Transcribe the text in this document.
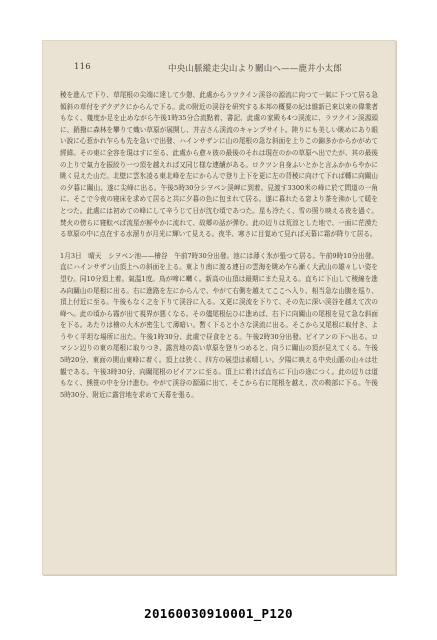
116	中央山脈縱走尖山より關山へ——鹿井小太郎

稜を進んで下り、草尾根の尖端に達して少憩、此處からラツクイン渓谷の源流に向つて一氣に下つて居る急傾斜の草付をデクデクにからんで下る。此の附近の渓谷を研究する本邦の概要の紀は維新已來以來の偉業者もなく、幾度か足を止めながら午後1時35分合流點着、書記、此處の家殿も4つ渓流に、ラツクイン渓源頭に、銷撥に森林を攀りて熾い草原が展開し、并吉さん渓流のキャンプサイト。陸りにも美しい眺めにあり眼い說に心惹かれ乍らも先を急いで出發、ハインサザンに山の尾根の急な斜面を上りこの錦多かからかがめて經緯。その東に全容を現はすに至る、此處から愈々彼の最後のそれは現在のかの草原へ出でたが、其の最後の上りで氣力を振絞り一つ頂を越えれば又同じ様な連續がある。ロクツン自身ふいとかと言ふかからやかに眺く見えた山だ。北壁に雲氷凌る東北峰を左にからんで登り上下を更に左の背稜に向けて下れば轉に向關山の夕暮に關山、遂に尖峰に出る。午後5時30分シヲベン渓岬に到着。見渡す3300米の峰に於て問道の一角に、そこで今夜の寝床を求めて居ると共に夕暮の色に包まれて居る。遂に暮れたる窓より茶を沸かして暖をとつた。此處には初めての峰にして辛うじて日が沈む頃であつた。星も冷たく、雪の照り映える夜を過ぐ。焚火の傍らに寝転べば流星が鮮やかに流れて、故郷の話が弾む。此の辺りは荒涼とした地で、一面に茫漠たる草原の中に点在する水溜りが月光に輝いて見える。夜半、寒さに目覚めて見れば天幕に霜が降りて居る。

1月3日　晴天　シヲベン池——檜谷　午前7時30分出發。池には薄く氷が張つて居る。午前9時10分出發。直にハインサザン山頂上への斜面を上る。東より南に渡る連日の雲海を眺め乍ら漸く大武山の雄々しい姿を望む。同10分頂上着。氣温1度。鳥が啼に囀く。新高の山頂は最期にまた見える。直ちに下山して稜線を進み向關山の尾根に出る。右に進路を左にからんで、やがて右側を越えてここへ入り、相当急な山腹を巡り、頂上付近に至る。午後もなく之を下りて渓谷に入る。又更に渓流を下りて、その先に深い渓谷を越えて次の峰へ。此の頃から霧が出て視界が悪くなる。その儘尾根伝ひに進めば、右下に向關山の尾根を見て急な斜面を下る。あたりは檜の大木が密生して薄暗い。暫く下ると小さな渓流に出る。そこから又尾根に取付き、ようやく平坦な場所に出た。午後1時30分、此處で昼食をとる。午後2時30分出發。ピイアンの下へ出る。ロマシン辺りの東の尾根に取りつき、露営地の高い草原を登りつめると、向うに關山の頂が見えてくる。午後5時20分、東面の関山東峰に着く。頂上は狭く、四方の展望は素晴しい。夕陽に映える中央山脈の山々は壮観である。午後3時30分、向關尾根のピイアンに至る。頂上に着けば直ちに下山の途につく。此の辺りは道もなく、熊笹の中を分け進む。やがて渓谷の源頭に出て、そこから右に尾根を越え、次の鞍部に下る。午後5時30分、附近に露営地を求めて天幕を張る。

20160030910001_P120
